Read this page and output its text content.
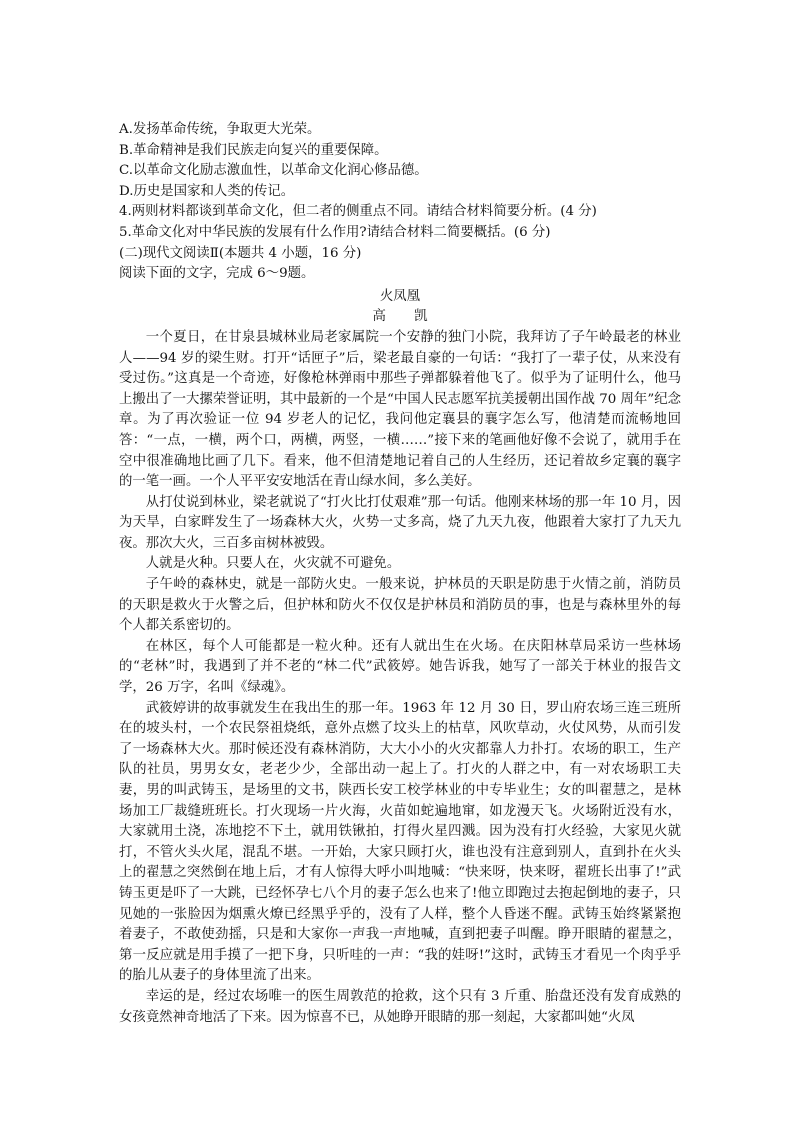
A.发扬革命传统，争取更大光荣。
B.革命精神是我们民族走向复兴的重要保障。
C.以革命文化励志激血性，以革命文化润心修品德。
D.历史是国家和人类的传记。
4.两则材料都谈到革命文化，但二者的侧重点不同。请结合材料简要分析。(4 分)
5.革命文化对中华民族的发展有什么作用?请结合材料二简要概括。(6 分)
(二)现代文阅读Ⅱ(本题共 4 小题，16 分)
阅读下面的文字，完成 6～9题。
火凤凰
高 凯
一个夏日，在甘泉县城林业局老家属院一个安静的独门小院，我拜访了子午岭最老的林业人——94 岁的梁生财。打开“话匣子”后，梁老最自豪的一句话：“我打了一辈子仗，从来没有受过伤。”这真是一个奇迹，好像枪林弹雨中那些子弹都躲着他飞了。似乎为了证明什么，他马上搬出了一大摞荣誉证明，其中最新的一个是“中国人民志愿军抗美援朝出国作战 70 周年”纪念章。为了再次验证一位 94 岁老人的记忆，我问他定襄县的襄字怎么写，他清楚而流畅地回答：“一点，一横，两个口，两横，两竖，一横……”接下来的笔画他好像不会说了，就用手在空中很准确地比画了几下。看来，他不但清楚地记着自己的人生经历，还记着故乡定襄的襄字的一笔一画。一个人平平安安地活在青山绿水间，多么美好。
从打仗说到林业，梁老就说了“打火比打仗艰难”那一句话。他刚来林场的那一年 10 月，因为天旱，白家畔发生了一场森林大火，火势一丈多高，烧了九天九夜，他跟着大家打了九天九夜。那次大火，三百多亩树林被毁。
人就是火种。只要人在，火灾就不可避免。
子午岭的森林史，就是一部防火史。一般来说，护林员的天职是防患于火情之前，消防员的天职是救火于火警之后，但护林和防火不仅仅是护林员和消防员的事，也是与森林里外的每个人都关系密切的。
在林区，每个人可能都是一粒火种。还有人就出生在火场。在庆阳林草局采访一些林场的“老林”时，我遇到了并不老的“林二代”武筱婷。她告诉我，她写了一部关于林业的报告文学，26 万字，名叫《绿魂》。
武筱婷讲的故事就发生在我出生的那一年。1963 年 12 月 30 日，罗山府农场三连三班所在的坡头村，一个农民祭祖烧纸，意外点燃了坟头上的枯草，风吹草动，火仗风势，从而引发了一场森林大火。那时候还没有森林消防，大大小小的火灾都靠人力扑打。农场的职工，生产队的社员，男男女女，老老少少，全部出动一起上了。打火的人群之中，有一对农场职工夫妻，男的叫武铸玉，是场里的文书，陕西长安工校学林业的中专毕业生；女的叫翟慧之，是林场加工厂裁缝班班长。打火现场一片火海，火苗如蛇遍地窜，如龙漫天飞。火场附近没有水，大家就用土浇，冻地挖不下土，就用铁锹拍，打得火星四溅。因为没有打火经验，大家见火就打，不管火头火尾，混乱不堪。一开始，大家只顾打火，谁也没有注意到别人，直到扑在火头上的翟慧之突然倒在地上后，才有人惊得大呼小叫地喊：“快来呀，快来呀，翟班长出事了!”武铸玉更是吓了一大跳，已经怀孕七八个月的妻子怎么也来了!他立即跑过去抱起倒地的妻子，只见她的一张脸因为烟熏火燎已经黑乎乎的，没有了人样，整个人昏迷不醒。武铸玉始终紧紧抱着妻子，不敢使劲摇，只是和大家你一声我一声地喊，直到把妻子叫醒。睁开眼睛的翟慧之，第一反应就是用手摸了一把下身，只听哇的一声：“我的娃呀!”这时，武铸玉才看见一个肉乎乎的胎儿从妻子的身体里流了出来。
幸运的是，经过农场唯一的医生周敦范的抢救，这个只有 3 斤重、胎盘还没有发育成熟的女孩竟然神奇地活了下来。因为惊喜不已，从她睁开眼睛的那一刻起，大家都叫她“火凤
